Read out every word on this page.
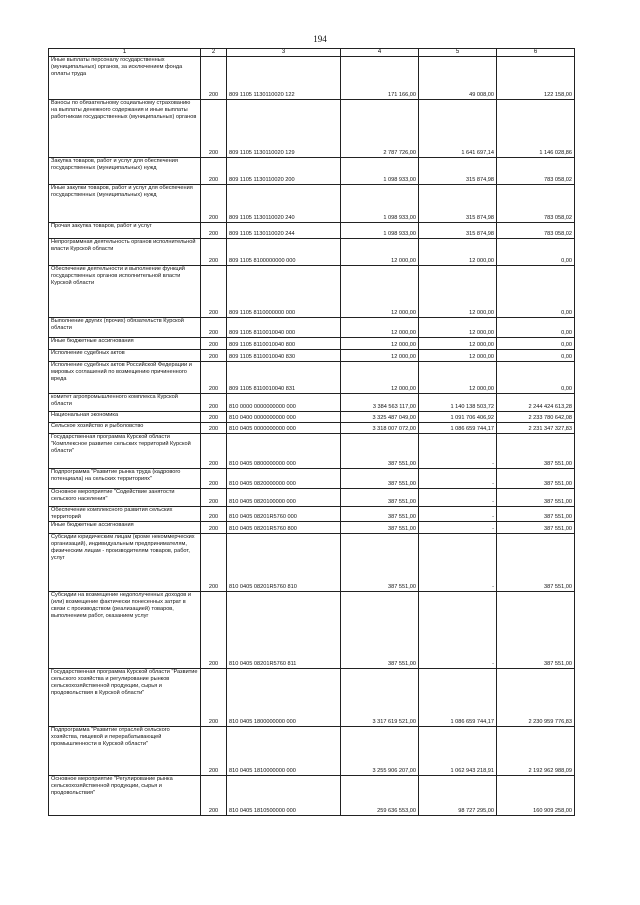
194
1	2	3	4	5	6
Иные выплаты персоналу государственных (муниципальных) органов, за исключением фонда оплаты труда	200	809 1105 1130110020 122	171 166,00	49 008,00	122 158,00
Взносы по обязательному социальному страхованию на выплаты денежного содержания и иные выплаты работникам государственных (муниципальных) органов	200	809 1105 1130110020 129	2 787 726,00	1 641 697,14	1 146 028,86
Закупка товаров, работ и услуг для обеспечения государственных (муниципальных) нужд	200	809 1105 1130110020 200	1 098 933,00	315 874,98	783 058,02
Иные закупки товаров, работ и услуг для обеспечения государственных (муниципальных) нужд	200	809 1105 1130110020 240	1 098 933,00	315 874,98	783 058,02
Прочая закупка товаров, работ и услуг	200	809 1105 1130110020 244	1 098 933,00	315 874,98	783 058,02
Непрограммная деятельность органов исполнительной власти Курской области	200	809 1105 8100000000 000	12 000,00	12 000,00	0,00
Обеспечение деятельности и выполнение функций государственных органов исполнительной власти Курской области	200	809 1105 8110000000 000	12 000,00	12 000,00	0,00
Выполнение других (прочих) обязательств Курской области	200	809 1105 8110010040 000	12 000,00	12 000,00	0,00
Иные бюджетные ассигнования	200	809 1105 8110010040 800	12 000,00	12 000,00	0,00
Исполнение судебных актов	200	809 1105 8110010040 830	12 000,00	12 000,00	0,00
Исполнение судебных актов Российской Федерации и мировых соглашений по возмещению причиненного вреда	200	809 1105 8110010040 831	12 000,00	12 000,00	0,00
комитет агропромышленного комплекса Курской области	200	810 0000 0000000000 000	3 384 563 117,00	1 140 138 503,72	2 244 424 613,28
Национальная экономика	200	810 0400 0000000000 000	3 325 487 049,00	1 091 706 406,92	2 233 780 642,08
Сельское хозяйство и рыболовство	200	810 0405 0000000000 000	3 318 007 072,00	1 086 659 744,17	2 231 347 327,83
Государственная программа Курской области "Комплексное развитие сельских территорий Курской области"	200	810 0405 0800000000 000	387 551,00	-	387 551,00
Подпрограмма "Развитие рынка труда (кадрового потенциала) на сельских территориях"	200	810 0405 0820000000 000	387 551,00	-	387 551,00
Основное мероприятие "Содействие занятости сельского населения"	200	810 0405 0820100000 000	387 551,00	-	387 551,00
Обеспечение комплексного развития сельских территорий	200	810 0405 08201R5760 000	387 551,00	-	387 551,00
Иные бюджетные ассигнования	200	810 0405 08201R5760 800	387 551,00	-	387 551,00
Субсидии юридическим лицам (кроме некоммерческих организаций), индивидуальным предпринимателям, физическим лицам - производителям товаров, работ, услуг	200	810 0405 08201R5760 810	387 551,00	-	387 551,00
Субсидии на возмещение недополученных доходов и (или) возмещение фактически понесенных затрат в связи с производством (реализацией) товаров, выполнением работ, оказанием услуг	200	810 0405 08201R5760 811	387 551,00	-	387 551,00
Государственная программа Курской области "Развитие сельского хозяйства и регулирование рынков сельскохозяйственной продукции, сырья и продовольствия в Курской области"	200	810 0405 1800000000 000	3 317 619 521,00	1 086 659 744,17	2 230 959 776,83
Подпрограмма "Развитие отраслей сельского хозяйства, пищевой и перерабатывающей промышленности в Курской области"	200	810 0405 1810000000 000	3 255 906 207,00	1 062 943 218,91	2 192 962 988,09
Основное мероприятие "Регулирование рынка сельскохозяйственной продукции, сырья и продовольствия"	200	810 0405 1810500000 000	259 636 553,00	98 727 295,00	160 909 258,00
